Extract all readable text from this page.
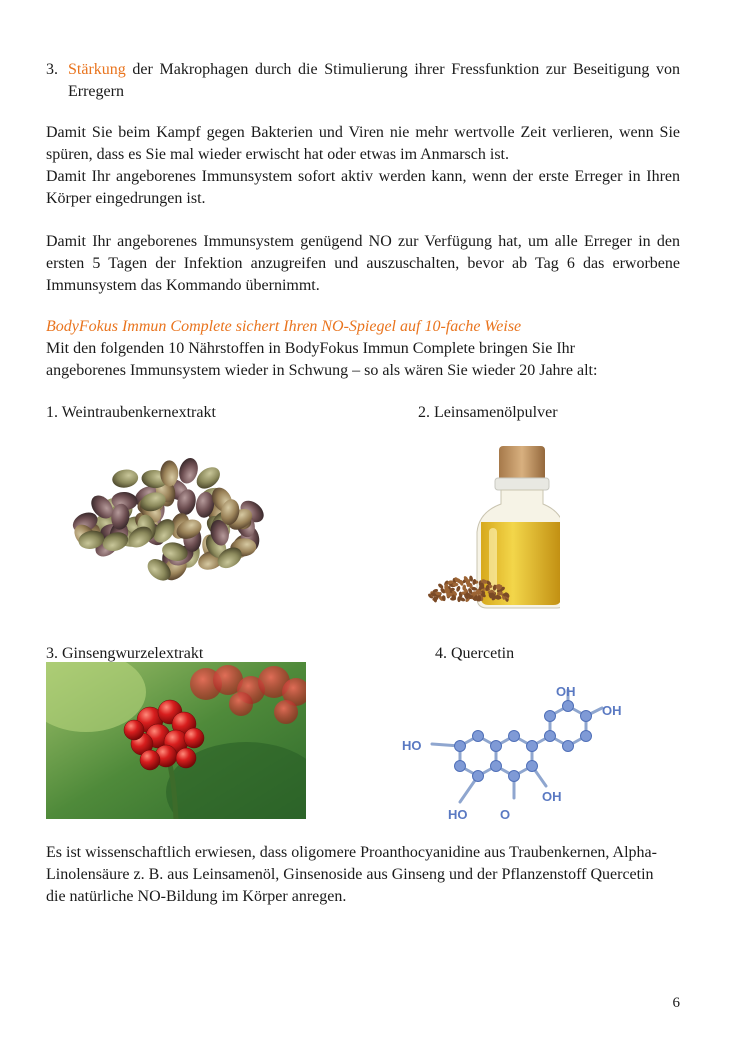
3. Stärkung der Makrophagen durch die Stimulierung ihrer Fressfunktion zur Beseitigung von Erregern
Damit Sie beim Kampf gegen Bakterien und Viren nie mehr wertvolle Zeit verlieren, wenn Sie spüren, dass es Sie mal wieder erwischt hat oder etwas im Anmarsch ist.
Damit Ihr angeborenes Immunsystem sofort aktiv werden kann, wenn der erste Erreger in Ihren Körper eingedrungen ist.
Damit Ihr angeborenes Immunsystem genügend NO zur Verfügung hat, um alle Erreger in den ersten 5 Tagen der Infektion anzugreifen und auszuschalten, bevor ab Tag 6 das erworbene Immunsystem das Kommando übernimmt.
BodyFokus Immun Complete sichert Ihren NO-Spiegel auf 10-fache Weise
Mit den folgenden 10 Nährstoffen in BodyFokus Immun Complete bringen Sie Ihr angeborenes Immunsystem wieder in Schwung – so als wären Sie wieder 20 Jahre alt:
1. Weintraubenkernextrakt	2. Leinsamenölpulver
3. Ginsengwurzelextrakt	4. Quercetin
OH
OH
HO
OH
HO	O
Es ist wissenschaftlich erwiesen, dass oligomere Proanthocyanidine aus Traubenkernen, Alpha-Linolensäure z. B. aus Leinsamenöl, Ginsenoside aus Ginseng und der Pflanzenstoff Quercetin die natürliche NO-Bildung im Körper anregen.
6
